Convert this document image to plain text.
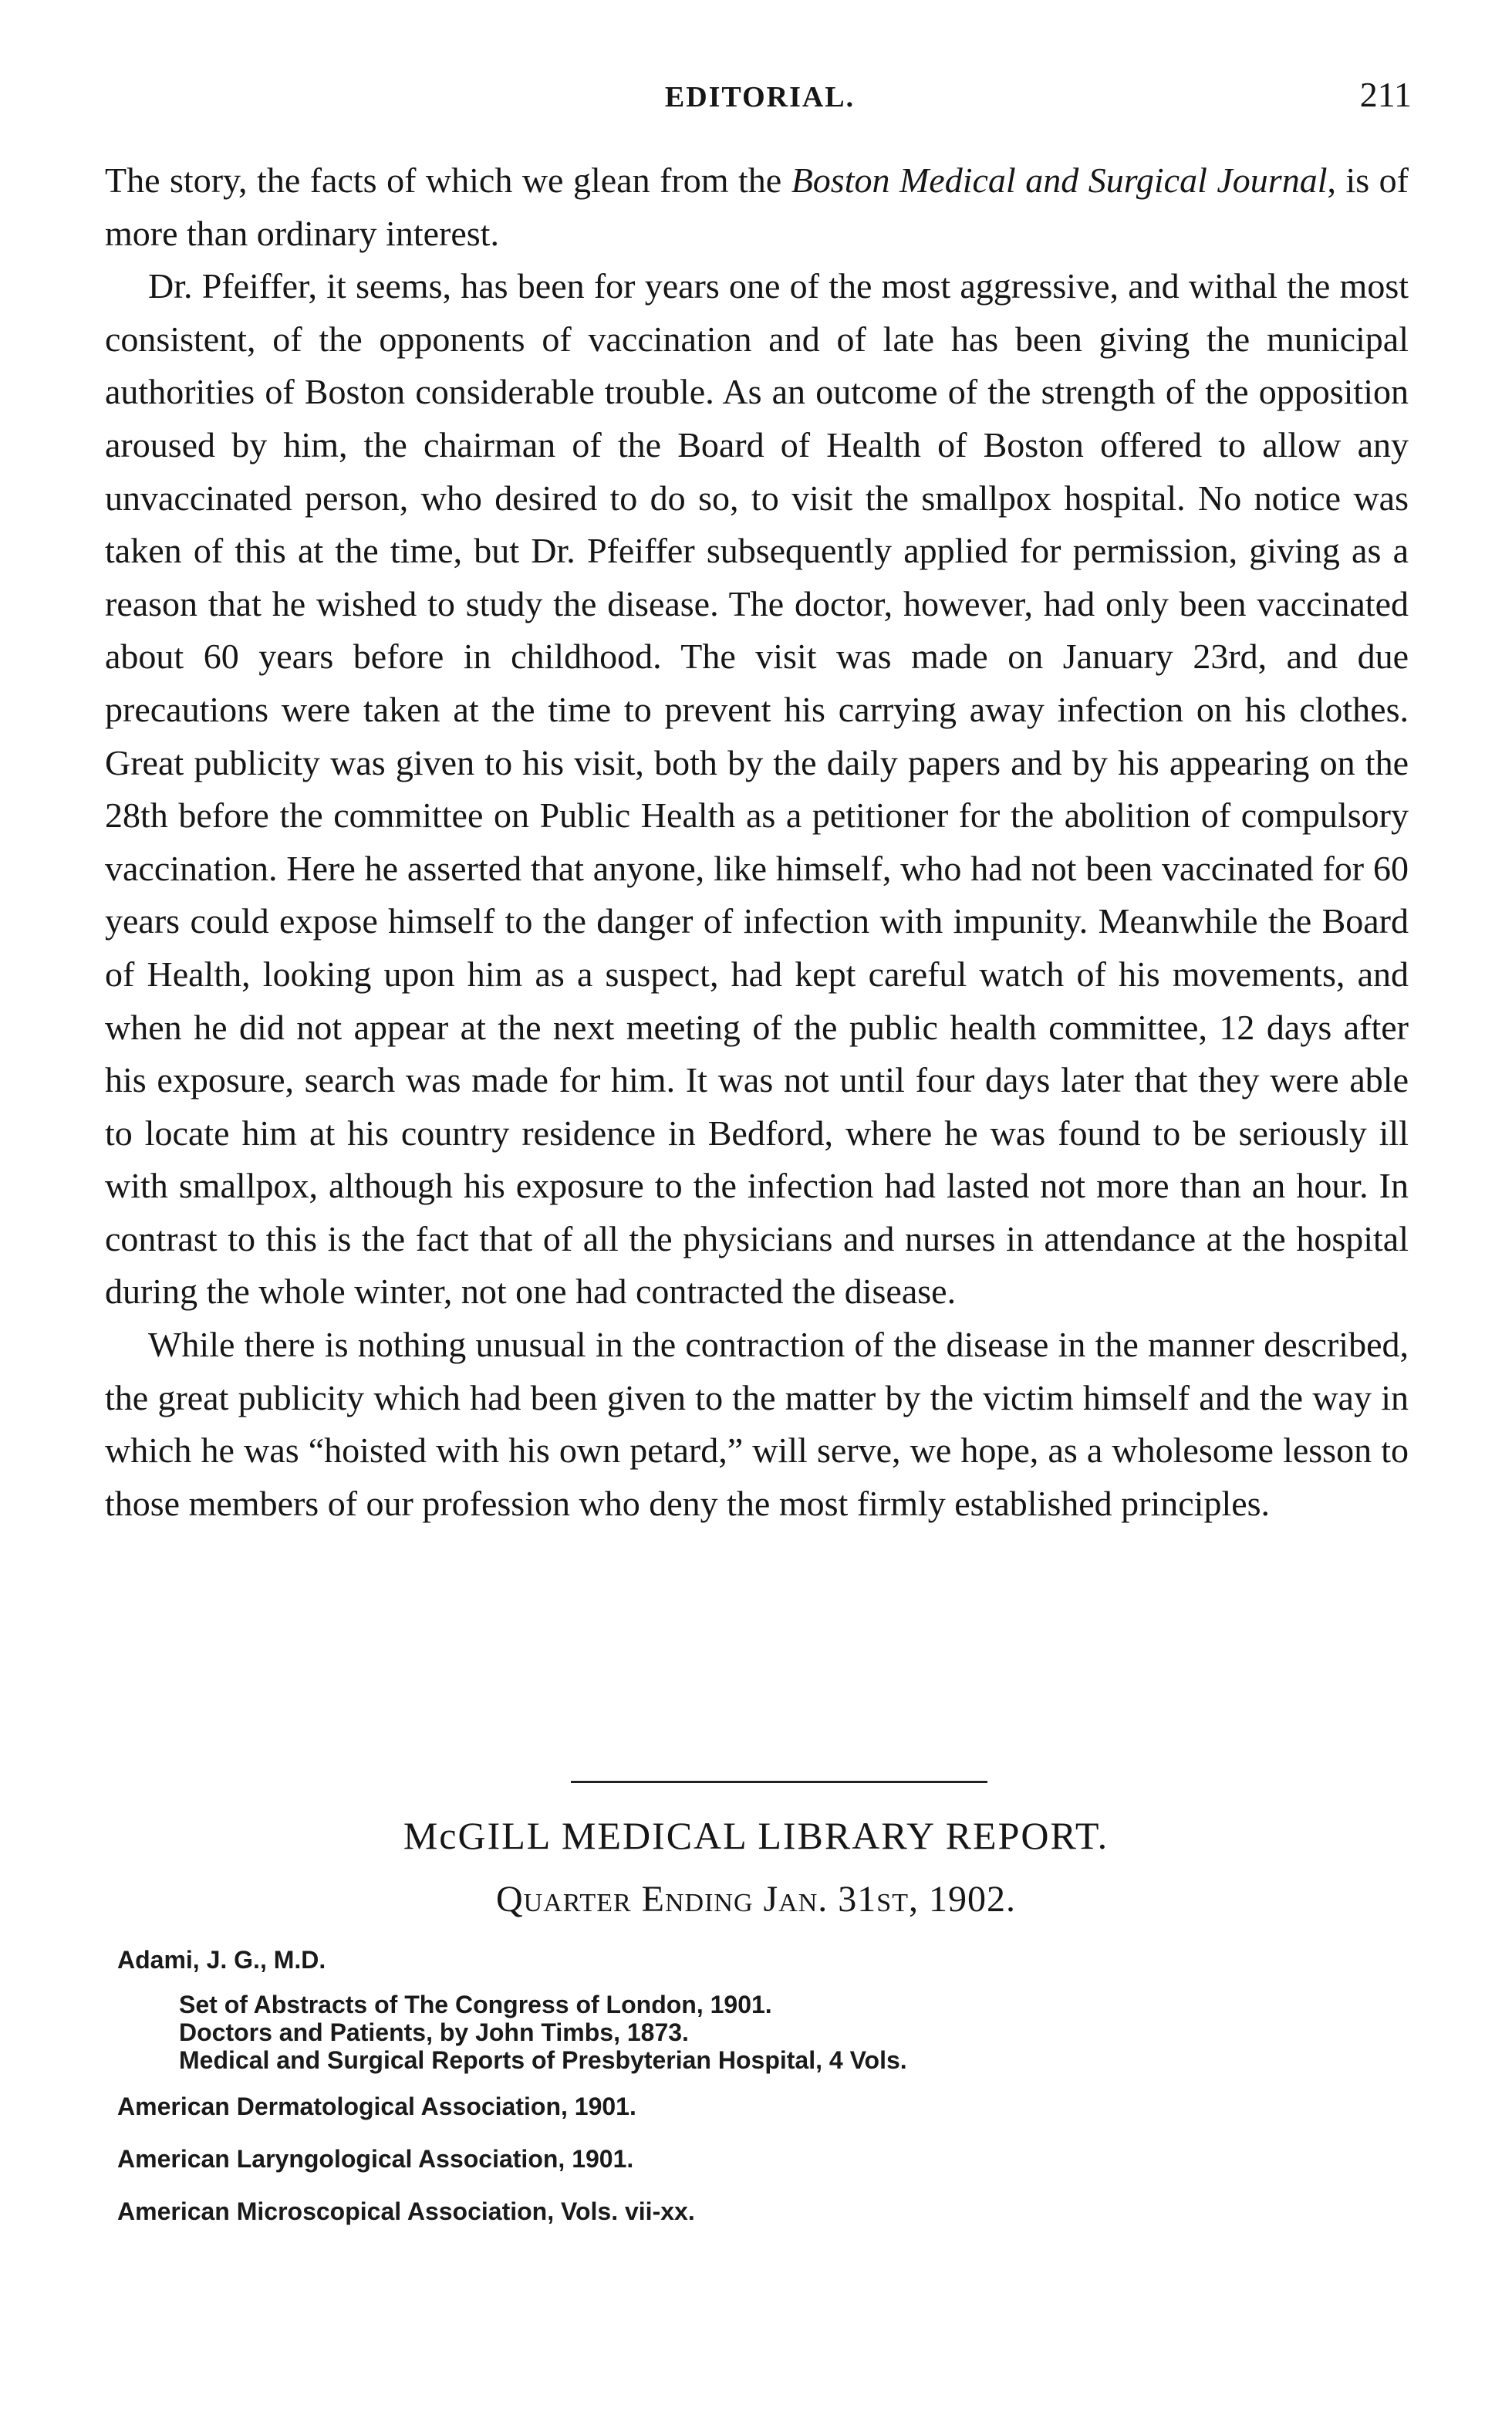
EDITORIAL.	211

The story, the facts of which we glean from the Boston Medical and Surgical Journal, is of more than ordinary interest.

Dr. Pfeiffer, it seems, has been for years one of the most aggressive, and withal the most consistent, of the opponents of vaccination and of late has been giving the municipal authorities of Boston considerable trouble. As an outcome of the strength of the opposition aroused by him, the chairman of the Board of Health of Boston offered to allow any unvaccinated person, who desired to do so, to visit the smallpox hospital. No notice was taken of this at the time, but Dr. Pfeiffer subsequently applied for permission, giving as a reason that he wished to study the disease. The doctor, however, had only been vaccinated about 60 years before in childhood. The visit was made on January 23rd, and due precautions were taken at the time to prevent his carrying away infection on his clothes. Great publicity was given to his visit, both by the daily papers and by his appearing on the 28th before the committee on Public Health as a petitioner for the abolition of compulsory vaccination. Here he asserted that anyone, like himself, who had not been vaccinated for 60 years could expose himself to the danger of infection with impunity. Meanwhile the Board of Health, looking upon him as a suspect, had kept careful watch of his movements, and when he did not appear at the next meeting of the public health committee, 12 days after his exposure, search was made for him. It was not until four days later that they were able to locate him at his country residence in Bedford, where he was found to be seriously ill with smallpox, although his exposure to the infection had lasted not more than an hour. In contrast to this is the fact that of all the physicians and nurses in attendance at the hospital during the whole winter, not one had contracted the disease.

While there is nothing unusual in the contraction of the disease in the manner described, the great publicity which had been given to the matter by the victim himself and the way in which he was “hoisted with his own petard,” will serve, we hope, as a wholesome lesson to those members of our profession who deny the most firmly established principles.

McGILL MEDICAL LIBRARY REPORT.
Quarter Ending Jan. 31st, 1902.
Adami, J. G., M.D.
Set of Abstracts of The Congress of London, 1901.
Doctors and Patients, by John Timbs, 1873.
Medical and Surgical Reports of Presbyterian Hospital, 4 Vols.
American Dermatological Association, 1901.
American Laryngological Association, 1901.
American Microscopical Association, Vols. vii-xx.
